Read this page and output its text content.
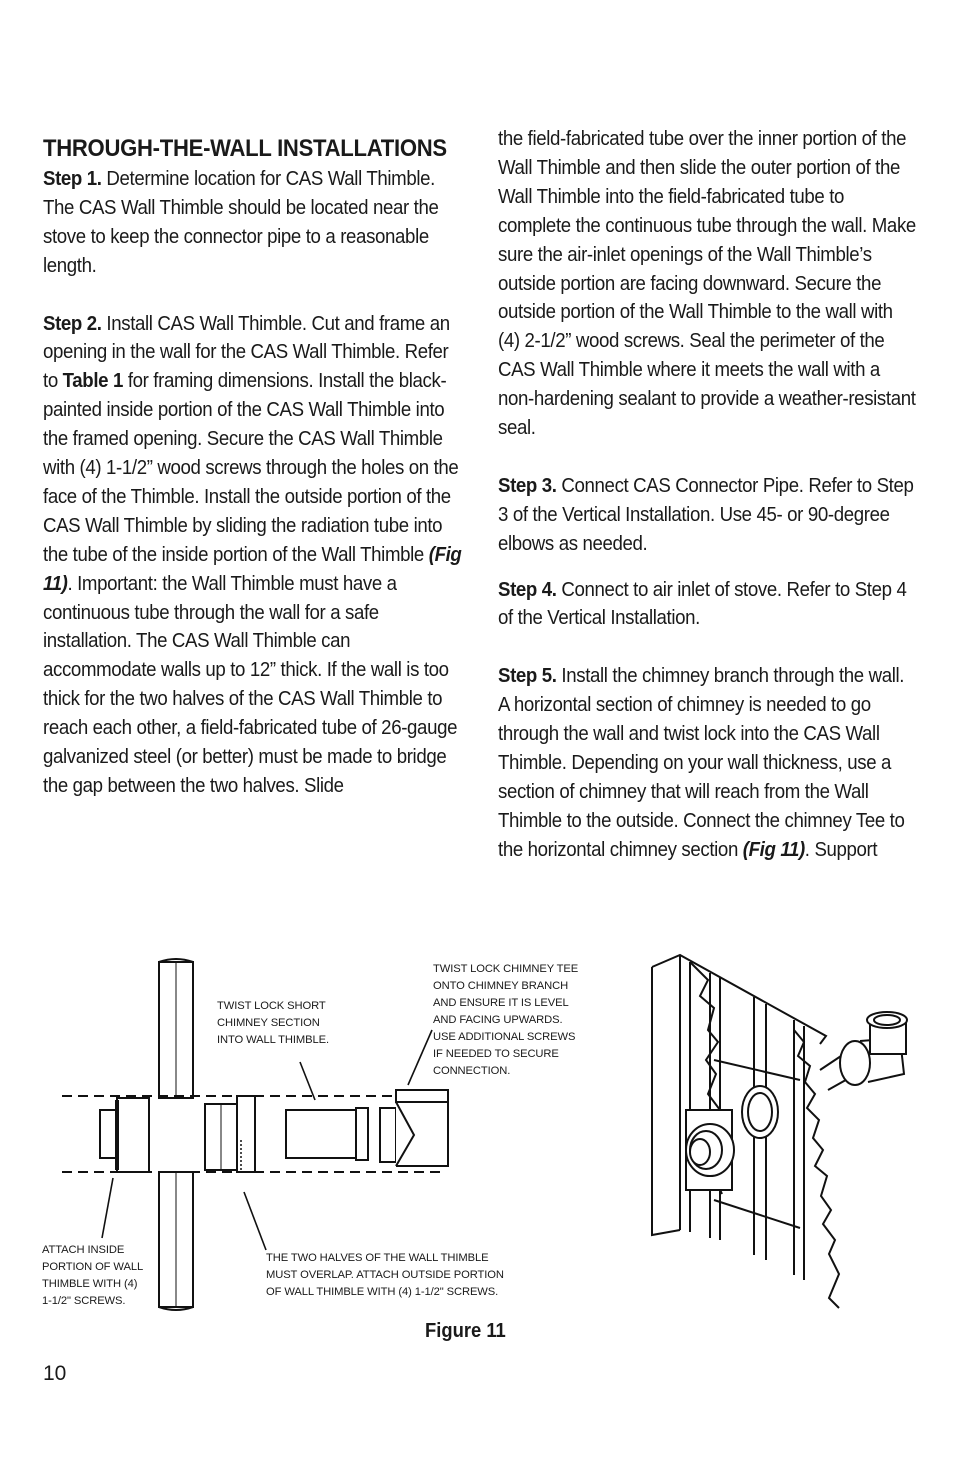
THROUGH-THE-WALL INSTALLATIONS

Step 1. Determine location for CAS Wall Thimble. The CAS Wall Thimble should be located near the stove to keep the connector pipe to a reasonable length.

Step 2. Install CAS Wall Thimble. Cut and frame an opening in the wall for the CAS Wall Thimble. Refer to Table 1 for framing dimensions. Install the black-painted inside portion of the CAS Wall Thimble into the framed opening. Secure the CAS Wall Thimble with (4) 1-1/2” wood screws through the holes on the face of the Thimble. Install the outside portion of the CAS Wall Thimble by sliding the radiation tube into the tube of the inside portion of the Wall Thimble (Fig 11). Important: the Wall Thimble must have a continuous tube through the wall for a safe installation. The CAS Wall Thimble can accommodate walls up to 12” thick. If the wall is too thick for the two halves of the CAS Wall Thimble to reach each other, a field-fabricated tube of 26-gauge galvanized steel (or better) must be made to bridge the gap between the two halves. Slide

the field-fabricated tube over the inner portion of the Wall Thimble and then slide the outer portion of the Wall Thimble into the field-fabricated tube to complete the continuous tube through the wall. Make sure the air-inlet openings of the Wall Thimble’s outside portion are facing downward. Secure the outside portion of the Wall Thimble to the wall with (4) 2-1/2” wood screws. Seal the perimeter of the CAS Wall Thimble where it meets the wall with a non-hardening sealant to provide a weather-resistant seal.

Step 3. Connect CAS Connector Pipe. Refer to Step 3 of the Vertical Installation. Use 45- or 90-degree elbows as needed.

Step 4. Connect to air inlet of stove. Refer to Step 4 of the Vertical Installation.

Step 5. Install the chimney branch through the wall. A horizontal section of chimney is needed to go through the wall and twist lock into the CAS Wall Thimble. Depending on your wall thickness, use a section of chimney that will reach from the Wall Thimble to the outside. Connect the chimney Tee to the horizontal chimney section (Fig 11). Support

TWIST LOCK SHORT
CHIMNEY SECTION
INTO WALL THIMBLE.
TWIST LOCK CHIMNEY TEE
ONTO CHIMNEY BRANCH
AND ENSURE IT IS LEVEL
AND FACING UPWARDS.
USE ADDITIONAL SCREWS
IF NEEDED TO SECURE
CONNECTION.
ATTACH INSIDE
PORTION OF WALL
THIMBLE WITH (4)
1-1/2" SCREWS.
THE TWO HALVES OF THE WALL THIMBLE
MUST OVERLAP. ATTACH OUTSIDE PORTION
OF WALL THIMBLE WITH (4) 1-1/2" SCREWS.
Figure 11
10
